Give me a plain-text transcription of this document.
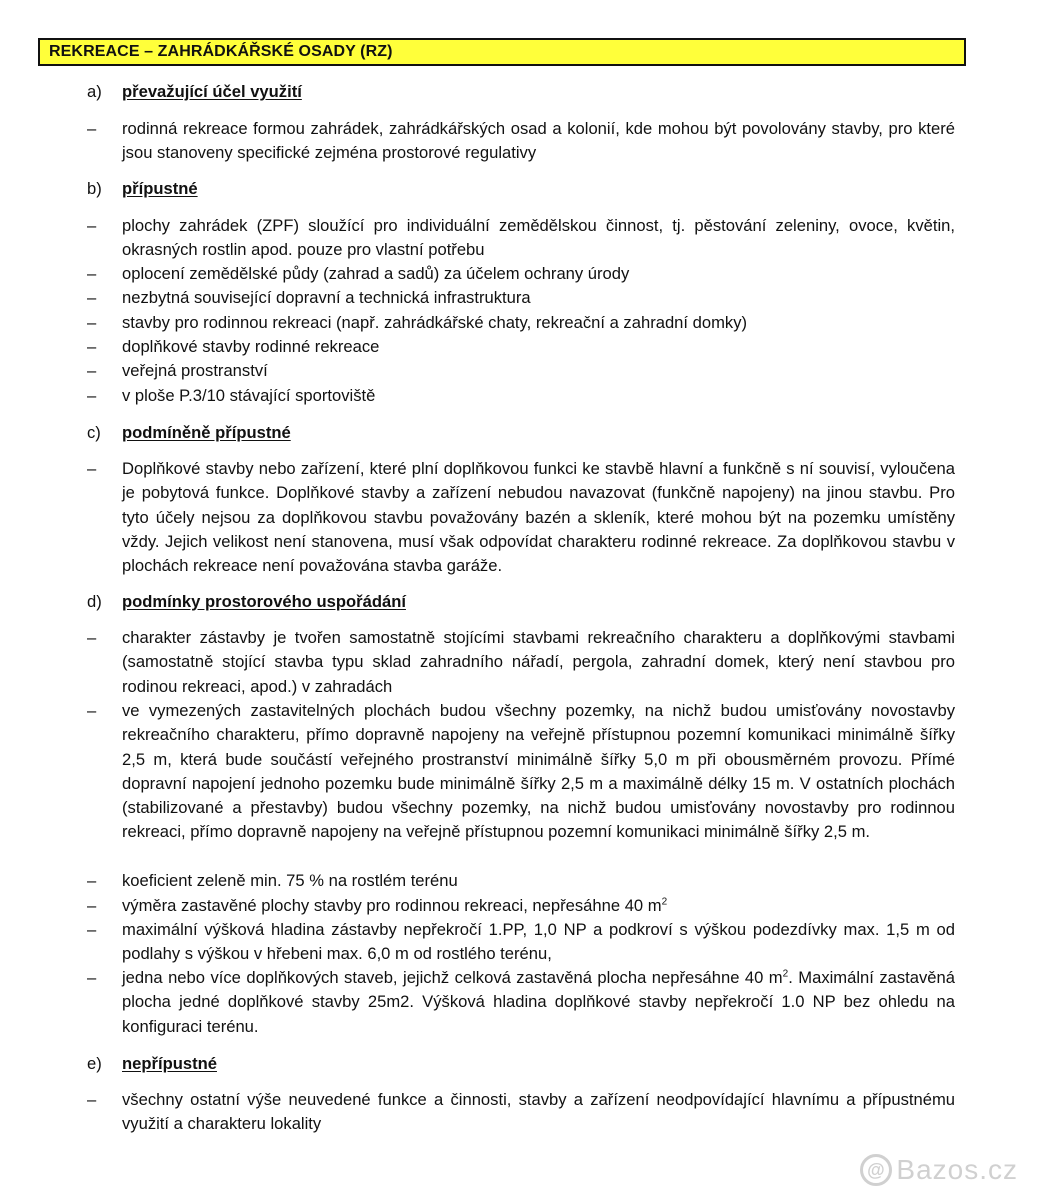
REKREACE – ZAHRÁDKÁŘSKÉ OSADY (RZ)
a)	převažující účel využití
–	rodinná rekreace formou zahrádek, zahrádkářských osad a kolonií, kde mohou být povolovány stavby, pro které jsou stanoveny specifické zejména prostorové regulativy
b)	přípustné
–	plochy zahrádek (ZPF) sloužící pro individuální zemědělskou činnost, tj. pěstování zeleniny, ovoce, květin, okrasných rostlin apod. pouze pro vlastní potřebu
–	oplocení zemědělské půdy (zahrad a sadů) za účelem ochrany úrody
–	nezbytná související dopravní a technická infrastruktura
–	stavby pro rodinnou rekreaci (např. zahrádkářské chaty, rekreační a zahradní domky)
–	doplňkové stavby rodinné rekreace
–	veřejná prostranství
–	v ploše P.3/10 stávající sportoviště
c)	podmíněně přípustné
–	Doplňkové stavby nebo zařízení, které plní doplňkovou funkci ke stavbě hlavní a funkčně s ní souvisí, vyloučena je pobytová funkce. Doplňkové stavby a zařízení nebudou navazovat (funkčně napojeny) na jinou stavbu. Pro tyto účely nejsou za doplňkovou stavbu považovány bazén a skleník, které mohou být na pozemku umístěny vždy. Jejich velikost není stanovena, musí však odpovídat charakteru rodinné rekreace. Za doplňkovou stavbu v plochách rekreace není považována stavba garáže.
d)	podmínky prostorového uspořádání
–	charakter zástavby je tvořen samostatně stojícími stavbami rekreačního charakteru a doplňkovými stavbami (samostatně stojící stavba typu sklad zahradního nářadí, pergola, zahradní domek, který není stavbou pro rodinou rekreaci, apod.) v zahradách
–	ve vymezených zastavitelných plochách budou všechny pozemky, na nichž budou umisťovány novostavby rekreačního charakteru, přímo dopravně napojeny na veřejně přístupnou pozemní komunikaci minimálně šířky 2,5 m, která bude součástí veřejného prostranství minimálně šířky 5,0 m při obousměrném provozu. Přímé dopravní napojení jednoho pozemku bude minimálně šířky 2,5 m a maximálně délky 15 m. V ostatních plochách (stabilizované a přestavby) budou všechny pozemky, na nichž budou umisťovány novostavby pro rodinnou rekreaci, přímo dopravně napojeny na veřejně přístupnou pozemní komunikaci minimálně šířky 2,5 m.
–	koeficient zeleně min. 75 % na rostlém terénu
–	výměra zastavěné plochy stavby pro rodinnou rekreaci, nepřesáhne 40 $m^2$
–	maximální výšková hladina zástavby nepřekročí 1.PP, 1,0 NP a podkroví s výškou podezdívky max. 1,5 m od podlahy s výškou v hřebeni max. 6,0 m od rostlého terénu,
–	jedna nebo více doplňkových staveb, jejichž celková zastavěná plocha nepřesáhne 40 $m^2$. Maximální zastavěná plocha jedné doplňkové stavby 25m2. Výšková hladina doplňkové stavby nepřekročí 1.0 NP bez ohledu na konfiguraci terénu.
e)	nepřípustné
–	všechny ostatní výše neuvedené funkce a činnosti, stavby a zařízení neodpovídající hlavnímu a přípustnému využití a charakteru lokality
@ Bazos.cz
